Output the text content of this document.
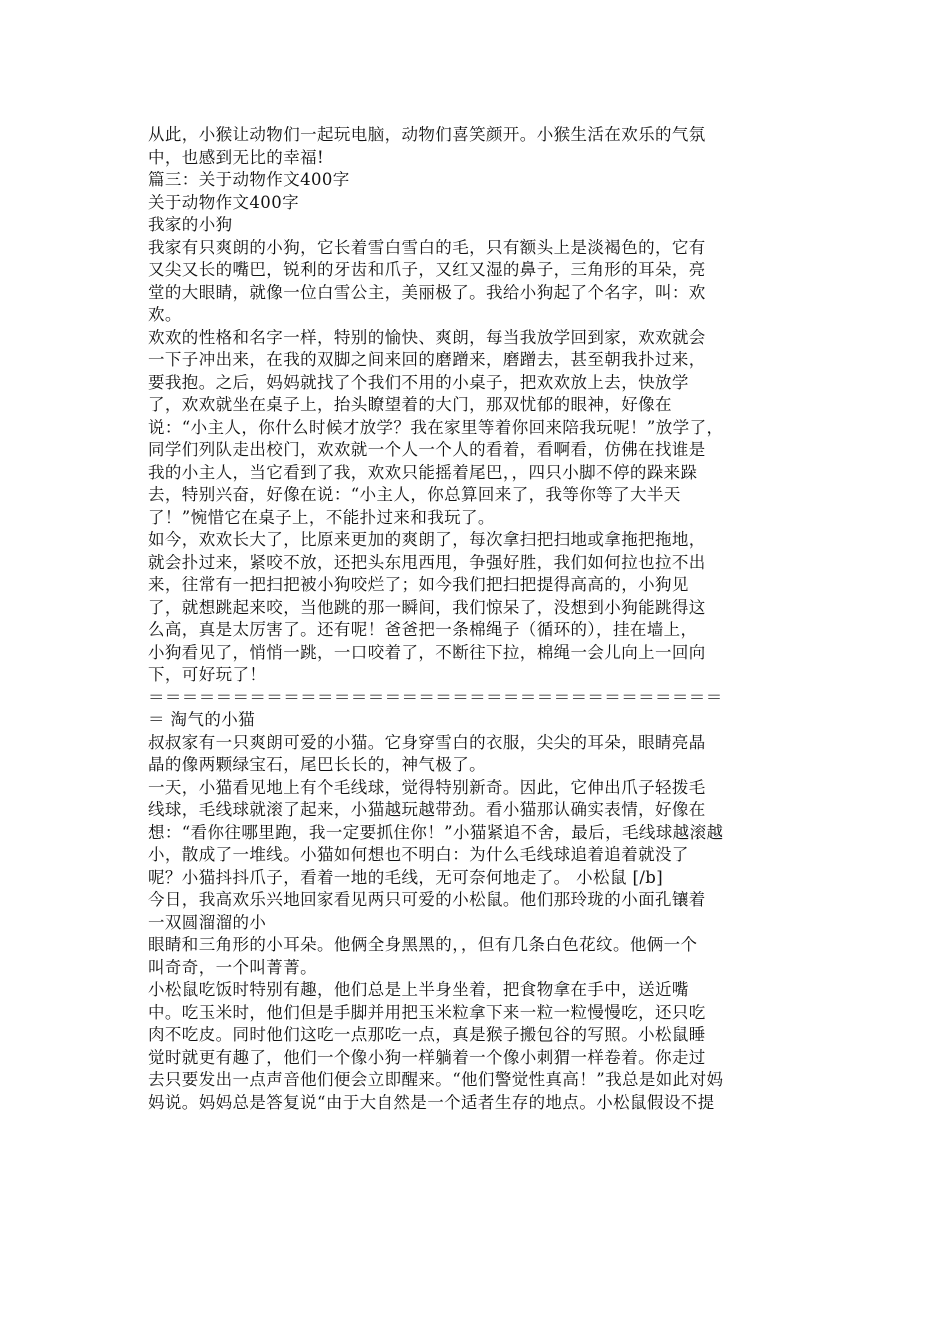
从此，小猴让动物们一起玩电脑，动物们喜笑颜开。小猴生活在欢乐的气氛
中，也感到无比的幸福!
篇三：关于动物作文400字
关于动物作文400字
我家的小狗
我家有只爽朗的小狗，它长着雪白雪白的毛，只有额头上是淡褐色的，它有
又尖又长的嘴巴，锐利的牙齿和爪子，又红又湿的鼻子，三角形的耳朵，亮
堂的大眼睛，就像一位白雪公主，美丽极了。我给小狗起了个名字，叫：欢
欢。
欢欢的性格和名字一样，特别的愉快、爽朗，每当我放学回到家，欢欢就会
一下子冲出来，在我的双脚之间来回的磨蹭来，磨蹭去，甚至朝我扑过来，
要我抱。之后，妈妈就找了个我们不用的小桌子，把欢欢放上去，快放学
了，欢欢就坐在桌子上，抬头瞭望着的大门，那双忧郁的眼神，好像在
说：“小主人，你什么时候才放学？我在家里等着你回来陪我玩呢！”放学了，
同学们列队走出校门，欢欢就一个人一个人的看着，看啊看，仿佛在找谁是
我的小主人，当它看到了我，欢欢只能摇着尾巴，，四只小脚不停的跺来跺
去，特别兴奋，好像在说：“小主人，你总算回来了，我等你等了大半天
了！”惋惜它在桌子上，不能扑过来和我玩了。
如今，欢欢长大了，比原来更加的爽朗了，每次拿扫把扫地或拿拖把拖地，
就会扑过来，紧咬不放，还把头东甩西甩，争强好胜，我们如何拉也拉不出
来，往常有一把扫把被小狗咬烂了；如今我们把扫把提得高高的，小狗见
了，就想跳起来咬，当他跳的那一瞬间，我们惊呆了，没想到小狗能跳得这
么高，真是太厉害了。还有呢！爸爸把一条棉绳子（循环的），挂在墙上，
小狗看见了，悄悄一跳，一口咬着了，不断往下拉，棉绳一会儿向上一回向
下，可好玩了！
＝＝＝＝＝＝＝＝＝＝＝＝＝＝＝＝＝＝＝＝＝＝＝＝＝＝＝＝＝＝＝＝＝＝
＝ 淘气的小猫
叔叔家有一只爽朗可爱的小猫。它身穿雪白的衣服，尖尖的耳朵，眼睛亮晶
晶的像两颗绿宝石，尾巴长长的，神气极了。
一天，小猫看见地上有个毛线球，觉得特别新奇。因此，它伸出爪子轻拨毛
线球，毛线球就滚了起来，小猫越玩越带劲。看小猫那认确实表情，好像在
想：“看你往哪里跑，我一定要抓住你！”小猫紧追不舍，最后，毛线球越滚越
小，散成了一堆线。小猫如何想也不明白：为什么毛线球追着追着就没了
呢？小猫抖抖爪子，看着一地的毛线，无可奈何地走了。 小松鼠 [/b]
今日，我高欢乐兴地回家看见两只可爱的小松鼠。他们那玲珑的小面孔镶着
一双圆溜溜的小
眼睛和三角形的小耳朵。他俩全身黑黑的，，但有几条白色花纹。他俩一个
叫奇奇，一个叫菁菁。
小松鼠吃饭时特别有趣，他们总是上半身坐着，把食物拿在手中，送近嘴
中。吃玉米时，他们但是手脚并用把玉米粒拿下来一粒一粒慢慢吃，还只吃
肉不吃皮。同时他们这吃一点那吃一点，真是猴子搬包谷的写照。小松鼠睡
觉时就更有趣了，他们一个像小狗一样躺着一个像小刺猬一样卷着。你走过
去只要发出一点声音他们便会立即醒来。“他们警觉性真高！”我总是如此对妈
妈说。妈妈总是答复说“由于大自然是一个适者生存的地点。小松鼠假设不提
